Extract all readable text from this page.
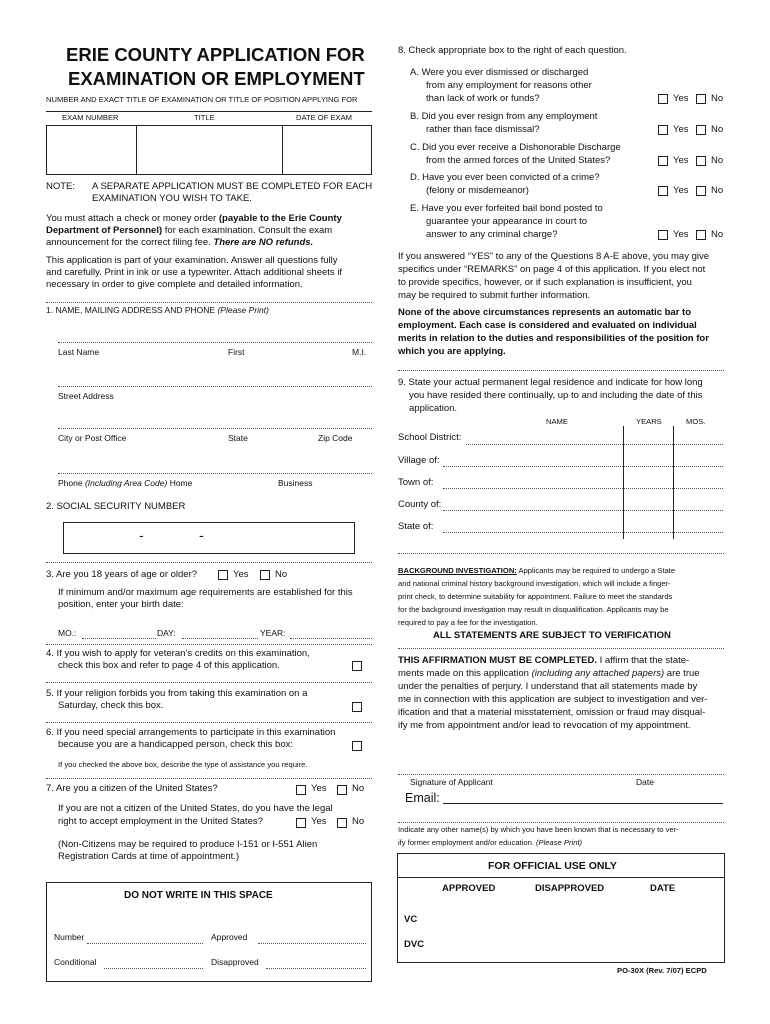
ERIE COUNTY APPLICATION FOR
EXAMINATION OR EMPLOYMENT
NUMBER AND EXACT TITLE OF EXAMINATION OR TITLE OF POSITION APPLYING FOR
EXAM NUMBER	TITLE	DATE OF EXAM
NOTE: A SEPARATE APPLICATION MUST BE COMPLETED FOR EACH
EXAMINATION YOU WISH TO TAKE.
You must attach a check or money order (payable to the Erie County
Department of Personnel) for each examination. Consult the exam
announcement for the correct filing fee. There are NO refunds.
This application is part of your examination. Answer all questions fully
and carefully. Print in ink or use a typewriter. Attach additional sheets if
necessary in order to give complete and detailed information.
1. NAME, MAILING ADDRESS AND PHONE (Please Print)
Last Name	First	M.I.
Street Address
City or Post Office	State	Zip Code
Phone (Including Area Code) Home	Business
2. SOCIAL SECURITY NUMBER
-	-
3. Are you 18 years of age or older?	Yes	No
If minimum and/or maximum age requirements are established for this
position, enter your birth date:
MO.:	DAY:	YEAR:
4. If you wish to apply for veteran’s credits on this examination,
check this box and refer to page 4 of this application.
5. If your religion forbids you from taking this examination on a
Saturday, check this box.
6. If you need special arrangements to participate in this examination
because you are a handicapped person, check this box:
If you checked the above box, describe the type of assistance you require.
7. Are you a citizen of the United States?	Yes	No
If you are not a citizen of the United States, do you have the legal
right to accept employment in the United States?	Yes	No
(Non-Citizens may be required to produce I-151 or I-551 Alien
Registration Cards at time of appointment.)
DO NOT WRITE IN THIS SPACE
Number	Approved
Conditional	Disapproved
8. Check appropriate box to the right of each question.
A. Were you ever dismissed or discharged
from any employment for reasons other
than lack of work or funds?	Yes No
B. Did you ever resign from any employment
rather than face dismissal?	Yes No
C. Did you ever receive a Dishonorable Discharge
from the armed forces of the United States?	Yes No
D. Have you ever been convicted of a crime?
(felony or misdemeanor)	Yes No
E. Have you ever forfeited bail bond posted to
guarantee your appearance in court to
answer to any criminal charge?	Yes No
If you answered “YES” to any of the Questions 8 A-E above, you may give
specifics under “REMARKS” on page 4 of this application. If you elect not
to provide specifics, however, or if such explanation is insufficient, you
may be required to submit further information.
None of the above circumstances represents an automatic bar to
employment. Each case is considered and evaluated on individual
merits in relation to the duties and responsibilities of the position for
which you are applying.
9. State your actual permanent legal residence and indicate for how long
you have resided there continually, up to and including the date of this
application.
NAME	YEARS	MOS.
School District:
Village of:
Town of:
County of:
State of:
BACKGROUND INVESTIGATION: Applicants may be required to undergo a State
and national criminal history background investigation, which will include a finger-
print check, to determine suitability for appointment. Failure to meet the standards
for the background investigation may result in disqualification. Applicants may be
required to pay a fee for the investigation.
ALL STATEMENTS ARE SUBJECT TO VERIFICATION
THIS AFFIRMATION MUST BE COMPLETED. I affirm that the state-
ments made on this application (including any attached papers) are true
under the penalties of perjury. I understand that all statements made by
me in connection with this application are subject to investigation and ver-
ification and that a material misstatement, omission or fraud may disqual-
ify me from appointment and/or lead to revocation of my appointment.
Signature of Applicant	Date
Email:
Indicate any other name(s) by which you have been known that is necessary to ver-
ify former employment and/or education. (Please Print)
FOR OFFICIAL USE ONLY
APPROVED	DISAPPROVED	DATE
VC
DVC
PO-30X (Rev. 7/07) ECPD
